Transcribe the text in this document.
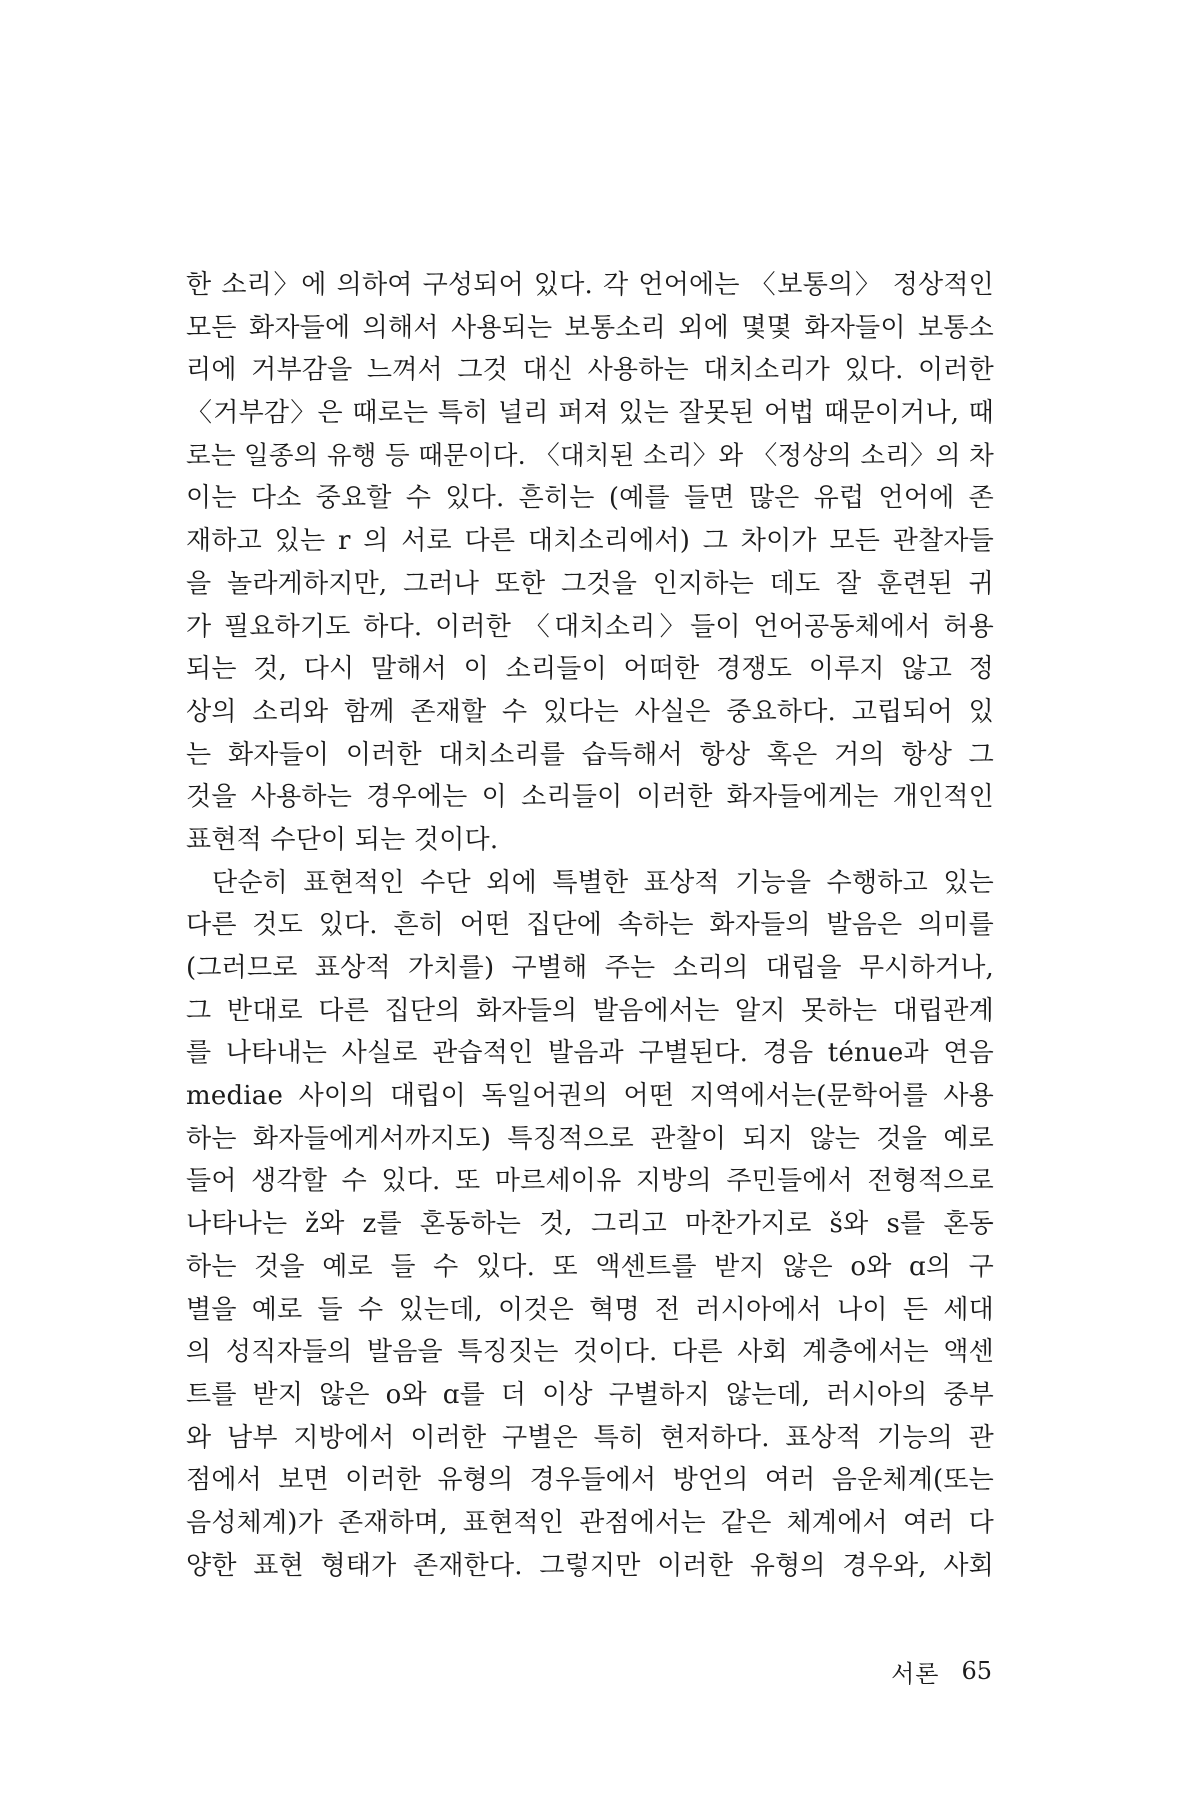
한 소리〉에 의하여 구성되어 있다. 각 언어에는 〈보통의〉 정상적인
모든 화자들에 의해서 사용되는 보통소리 외에 몇몇 화자들이 보통소
리에 거부감을 느껴서 그것 대신 사용하는 대치소리가 있다. 이러한
〈거부감〉은 때로는 특히 널리 퍼져 있는 잘못된 어법 때문이거나, 때
로는 일종의 유행 등 때문이다. 〈대치된 소리〉와 〈정상의 소리〉의 차
이는 다소 중요할 수 있다. 흔히는 (예를 들면 많은 유럽 언어에 존
재하고 있는 r 의 서로 다른 대치소리에서) 그 차이가 모든 관찰자들
을 놀라게하지만, 그러나 또한 그것을 인지하는 데도 잘 훈련된 귀
가 필요하기도 하다. 이러한 〈대치소리〉들이 언어공동체에서 허용
되는 것, 다시 말해서 이 소리들이 어떠한 경쟁도 이루지 않고 정
상의 소리와 함께 존재할 수 있다는 사실은 중요하다. 고립되어 있
는 화자들이 이러한 대치소리를 습득해서 항상 혹은 거의 항상 그
것을 사용하는 경우에는 이 소리들이 이러한 화자들에게는 개인적인
표현적 수단이 되는 것이다.
단순히 표현적인 수단 외에 특별한 표상적 기능을 수행하고 있는
다른 것도 있다. 흔히 어떤 집단에 속하는 화자들의 발음은 의미를
(그러므로 표상적 가치를) 구별해 주는 소리의 대립을 무시하거나,
그 반대로 다른 집단의 화자들의 발음에서는 알지 못하는 대립관계
를 나타내는 사실로 관습적인 발음과 구별된다. 경음 ténue과 연음
mediae 사이의 대립이 독일어권의 어떤 지역에서는(문학어를 사용
하는 화자들에게서까지도) 특징적으로 관찰이 되지 않는 것을 예로
들어 생각할 수 있다. 또 마르세이유 지방의 주민들에서 전형적으로
나타나는 ž와 z를 혼동하는 것, 그리고 마찬가지로 š와 s를 혼동
하는 것을 예로 들 수 있다. 또 액센트를 받지 않은 o와 ɑ의 구
별을 예로 들 수 있는데, 이것은 혁명 전 러시아에서 나이 든 세대
의 성직자들의 발음을 특징짓는 것이다. 다른 사회 계층에서는 액센
트를 받지 않은 o와 ɑ를 더 이상 구별하지 않는데, 러시아의 중부
와 남부 지방에서 이러한 구별은 특히 현저하다. 표상적 기능의 관
점에서 보면 이러한 유형의 경우들에서 방언의 여러 음운체계(또는
음성체계)가 존재하며, 표현적인 관점에서는 같은 체계에서 여러 다
양한 표현 형태가 존재한다. 그렇지만 이러한 유형의 경우와, 사회
서론 65
